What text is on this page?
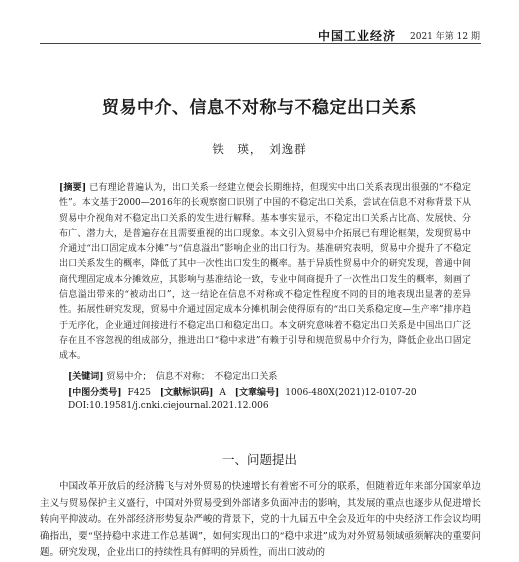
中国工业经济 2021 年第 12 期
贸易中介、信息不对称与不稳定出口关系
铁　瑛，　刘逸群
[摘要] 已有理论普遍认为，出口关系一经建立便会长期维持，但现实中出口关系表现出很强的“不稳定性”。本文基于2000—2016年的长观察窗口识别了中国的不稳定出口关系，尝试在信息不对称背景下从贸易中介视角对不稳定出口关系的发生进行解释。基本事实显示，不稳定出口关系占比高、发展快、分布广、潜力大，是普遍存在且需要重视的出口现象。本文引入贸易中介拓展已有理论框架，发现贸易中介通过“出口固定成本分摊”与“信息溢出”影响企业的出口行为。基准研究表明，贸易中介提升了不稳定出口关系发生的概率，降低了其中一次性出口发生的概率。基于异质性贸易中介的研究发现，普通中间商代理固定成本分摊效应，其影响与基准结论一致，专业中间商提升了一次性出口发生的概率，刻画了信息溢出带来的“被动出口”，这一结论在信息不对称或不稳定性程度不同的目的地表现出显著的差异性。拓展性研究发现，贸易中介通过固定成本分摊机制会使得原有的“出口关系稳定度—生产率”排序趋于无序化，企业通过间接进行不稳定出口和稳定出口。本文研究意味着不稳定出口关系是中国出口广泛存在且不容忽视的组成部分，推进出口“稳中求进”有赖于引导和规范贸易中介行为，降低企业出口固定成本。
[关键词] 贸易中介；　信息不对称；　不稳定出口关系
[中图分类号] F425 [文献标识码] A [文章编号] 1006-480X(2021)12-0107-20
DOI:10.19581/j.cnki.ciejournal.2021.12.006
一、问题提出
中国改革开放后的经济腾飞与对外贸易的快速增长有着密不可分的联系，但随着近年来部分国家单边主义与贸易保护主义盛行，中国对外贸易受到外部诸多负面冲击的影响，其发展的重点也逐步从促进增长转向平抑波动。在外部经济形势复杂严峻的背景下，党的十九届五中全会及近年的中央经济工作会议均明确指出，要“坚持稳中求进工作总基调”，如何实现出口的“稳中求进”成为对外贸易领域亟须解决的重要问题。研究发现，企业出口的持续性具有鲜明的异质性，而出口波动的
